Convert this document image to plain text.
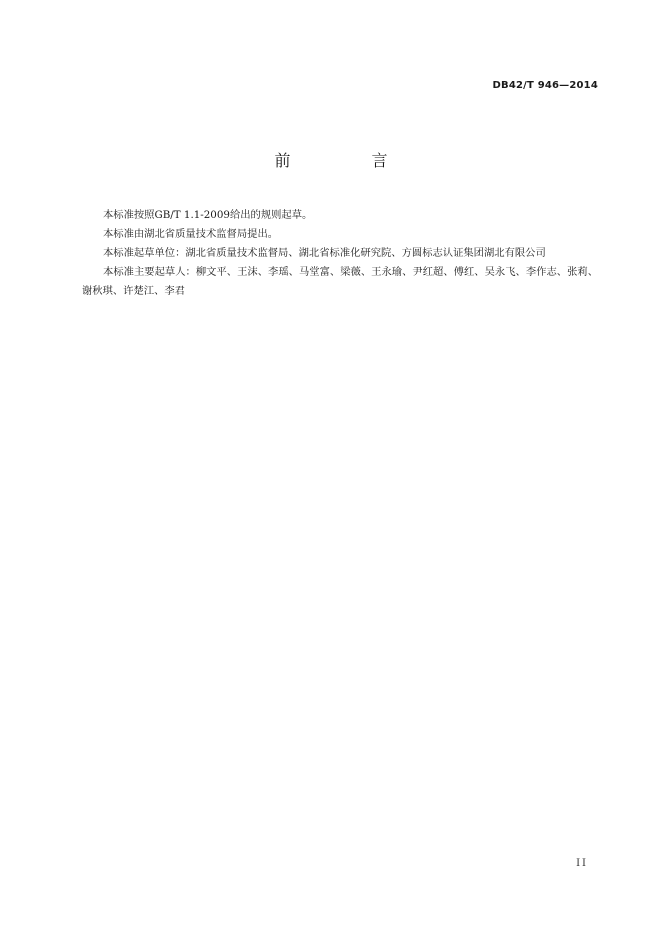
DB42/T 946—2014
前 言

本标准按照GB/T 1.1-2009给出的规则起草。

本标准由湖北省质量技术监督局提出。

本标准起草单位：湖北省质量技术监督局、湖北省标准化研究院、方圆标志认证集团湖北有限公司

本标准主要起草人：柳文平、王沫、李瑶、马堂富、梁薇、王永瑜、尹红超、傅红、吴永飞、李作志、张莉、谢秋琪、许楚江、李君

II
